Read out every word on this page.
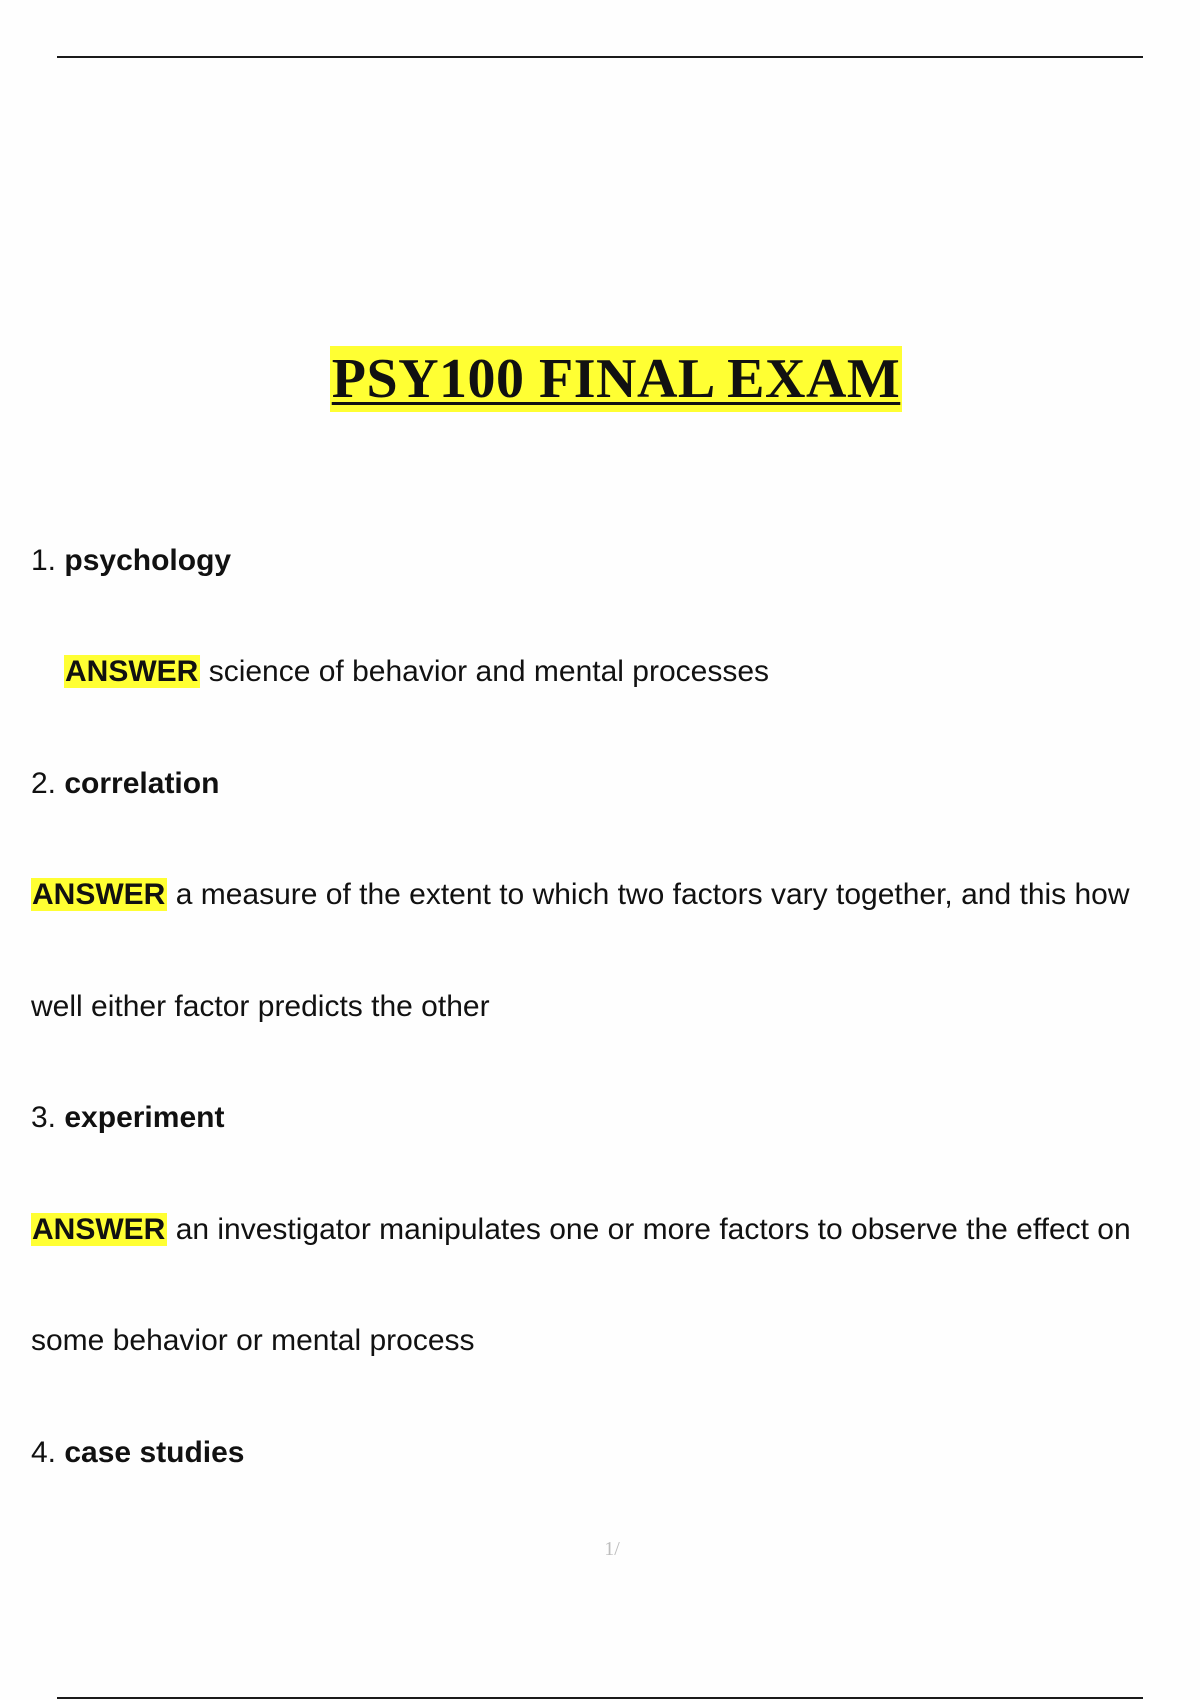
PSY100 FINAL EXAM
1. psychology
ANSWER science of behavior and mental processes
2. correlation
ANSWER a measure of the extent to which two factors vary together, and this how
well either factor predicts the other
3. experiment
ANSWER an investigator manipulates one or more factors to observe the effect on
some behavior or mental process
4. case studies
1/
